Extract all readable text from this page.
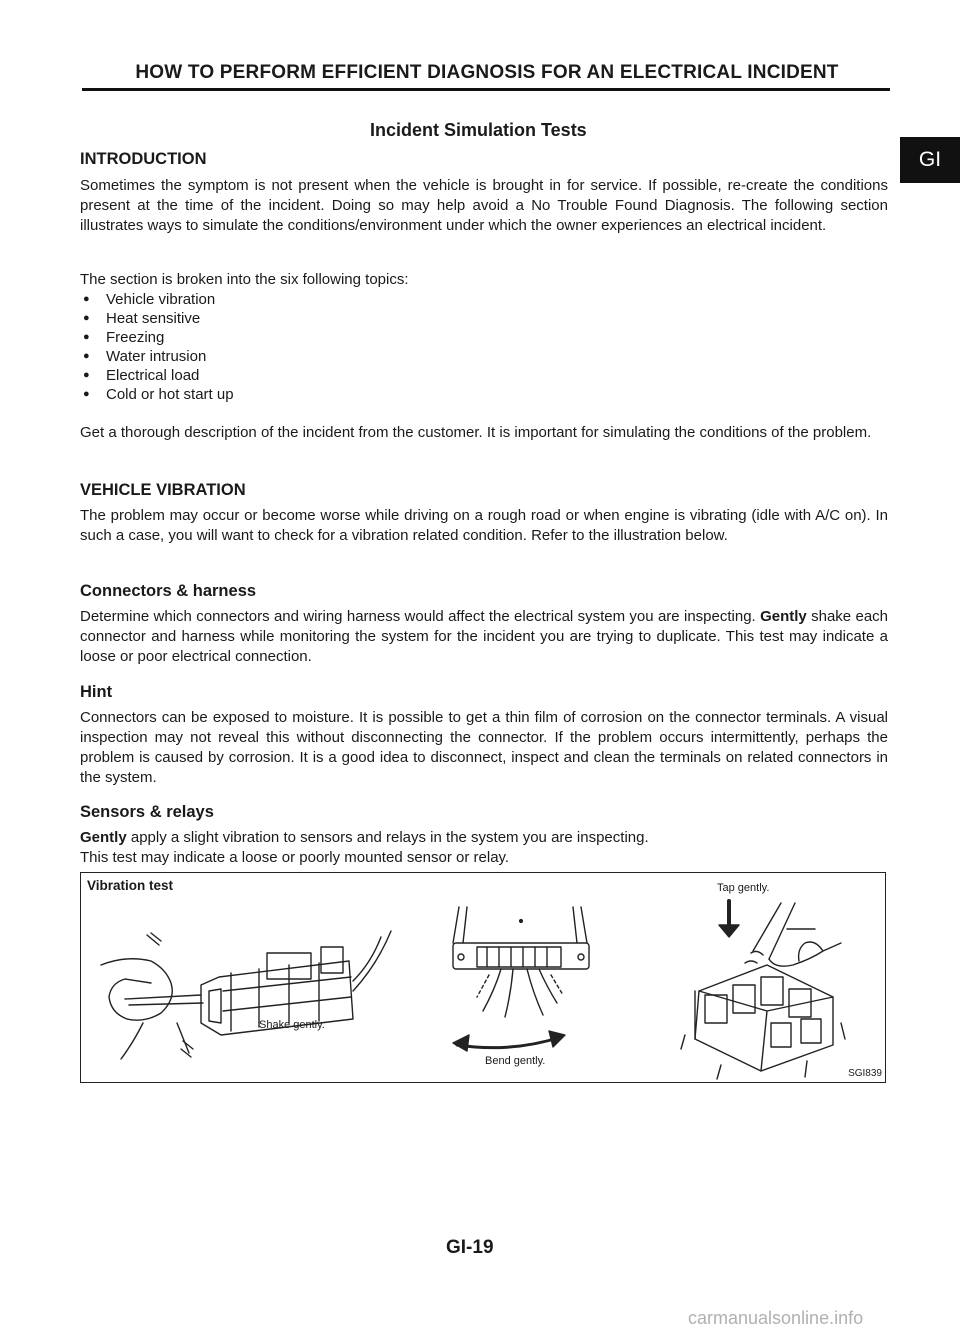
HOW TO PERFORM EFFICIENT DIAGNOSIS FOR AN ELECTRICAL INCIDENT
GI
Incident Simulation Tests
INTRODUCTION

Sometimes the symptom is not present when the vehicle is brought in for service. If possible, re-create the conditions present at the time of the incident. Doing so may help avoid a No Trouble Found Diagnosis. The following section illustrates ways to simulate the conditions/environment under which the owner experiences an electrical incident.

The section is broken into the six following topics:

● Vehicle vibration
● Heat sensitive
● Freezing
● Water intrusion
● Electrical load
● Cold or hot start up

Get a thorough description of the incident from the customer. It is important for simulating the conditions of the problem.

VEHICLE VIBRATION

The problem may occur or become worse while driving on a rough road or when engine is vibrating (idle with A/C on). In such a case, you will want to check for a vibration related condition. Refer to the illustration below.

Connectors & harness

Determine which connectors and wiring harness would affect the electrical system you are inspecting. Gently shake each connector and harness while monitoring the system for the incident you are trying to duplicate. This test may indicate a loose or poor electrical connection.

Hint

Connectors can be exposed to moisture. It is possible to get a thin film of corrosion on the connector terminals. A visual inspection may not reveal this without disconnecting the connector. If the problem occurs intermittently, perhaps the problem is caused by corrosion. It is a good idea to disconnect, inspect and clean the terminals on related connectors in the system.

Sensors & relays

Gently apply a slight vibration to sensors and relays in the system you are inspecting.
This test may indicate a loose or poorly mounted sensor or relay.

Vibration test
Shake gently.
Bend gently.
Tap gently.
SGI839
GI-19
carmanualsonline.info
